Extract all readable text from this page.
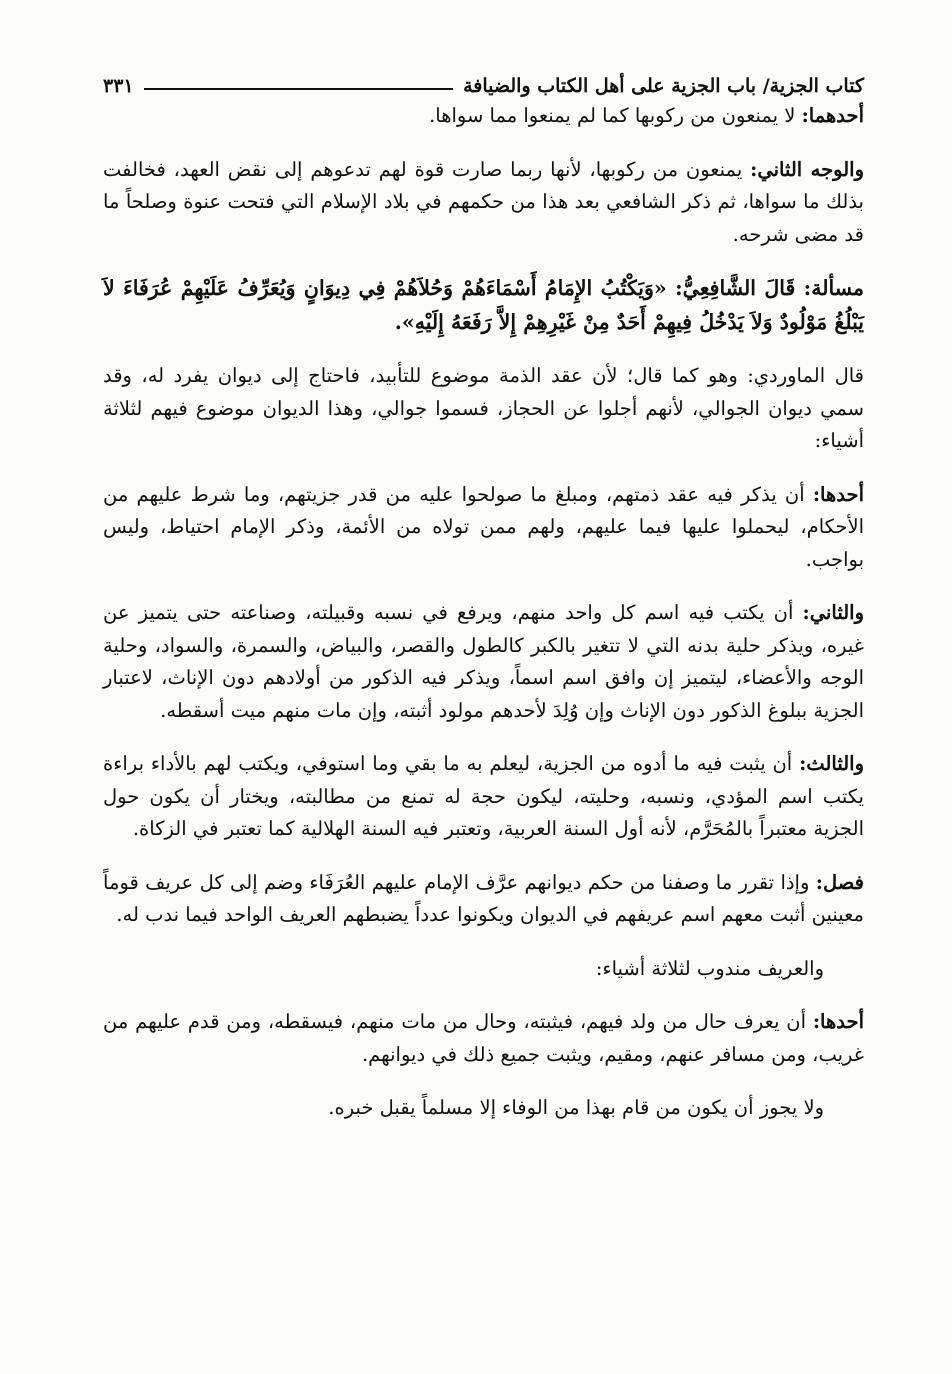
كتاب الجزية/ باب الجزية على أهل الكتاب والضيافة
٣٣١

أحدهما: لا يمنعون من ركوبها كما لم يمنعوا مما سواها.

والوجه الثاني: يمنعون من ركوبها، لأنها ربما صارت قوة لهم تدعوهم إلى نقض العهد، فخالفت بذلك ما سواها، ثم ذكر الشافعي بعد هذا من حكمهم في بلاد الإسلام التي فتحت عنوة وصلحاً ما قد مضى شرحه.

مسألة: قَالَ الشَّافِعِيُّ: «وَيَكْتُبُ الإِمَامُ أَسْمَاءَهُمْ وَحُلاَهُمْ فِي دِيوَانٍ وَيُعَرِّفُ عَلَيْهِمْ عُرَفَاءَ لاَ يَبْلُغُ مَوْلُودٌ وَلاَ يَدْخُلُ فِيهِمْ أَحَدٌ مِنْ غَيْرِهِمْ إِلاَّ رَفَعَهُ إِلَيْهِ».

قال الماوردي: وهو كما قال؛ لأن عقد الذمة موضوع للتأبيد، فاحتاج إلى ديوان يفرد له، وقد سمي ديوان الجوالي، لأنهم أجلوا عن الحجاز، فسموا جوالي، وهذا الديوان موضوع فيهم لثلاثة أشياء:

أحدها: أن يذكر فيه عقد ذمتهم، ومبلغ ما صولحوا عليه من قدر جزيتهم، وما شرط عليهم من الأحكام، ليحملوا عليها فيما عليهم، ولهم ممن تولاه من الأئمة، وذكر الإمام احتياط، وليس بواجب.

والثاني: أن يكتب فيه اسم كل واحد منهم، ويرفع في نسبه وقبيلته، وصناعته حتى يتميز عن غيره، ويذكر حلية بدنه التي لا تتغير بالكبر كالطول والقصر، والبياض، والسمرة، والسواد، وحلية الوجه والأعضاء، ليتميز إن وافق اسم اسماً، ويذكر فيه الذكور من أولادهم دون الإناث، لاعتبار الجزية ببلوغ الذكور دون الإناث وإن وُلِدَ لأحدهم مولود أثبته، وإن مات منهم ميت أسقطه.

والثالث: أن يثبت فيه ما أدوه من الجزية، ليعلم به ما بقي وما استوفي، ويكتب لهم بالأداء براءة يكتب اسم المؤدي، ونسبه، وحليته، ليكون حجة له تمنع من مطالبته، ويختار أن يكون حول الجزية معتبراً بالمُحَرَّم، لأنه أول السنة العربية، وتعتبر فيه السنة الهلالية كما تعتبر في الزكاة.

فصل: وإذا تقرر ما وصفنا من حكم ديوانهم عرَّف الإمام عليهم العُرَفَاء وضم إلى كل عريف قوماً معينين أثبت معهم اسم عريفهم في الديوان ويكونوا عدداً يضبطهم العريف الواحد فيما ندب له.

والعريف مندوب لثلاثة أشياء:

أحدها: أن يعرف حال من ولد فيهم، فيثبته، وحال من مات منهم، فيسقطه، ومن قدم عليهم من غريب، ومن مسافر عنهم، ومقيم، ويثبت جميع ذلك في ديوانهم.

ولا يجوز أن يكون من قام بهذا من الوفاء إلا مسلماً يقبل خبره.
